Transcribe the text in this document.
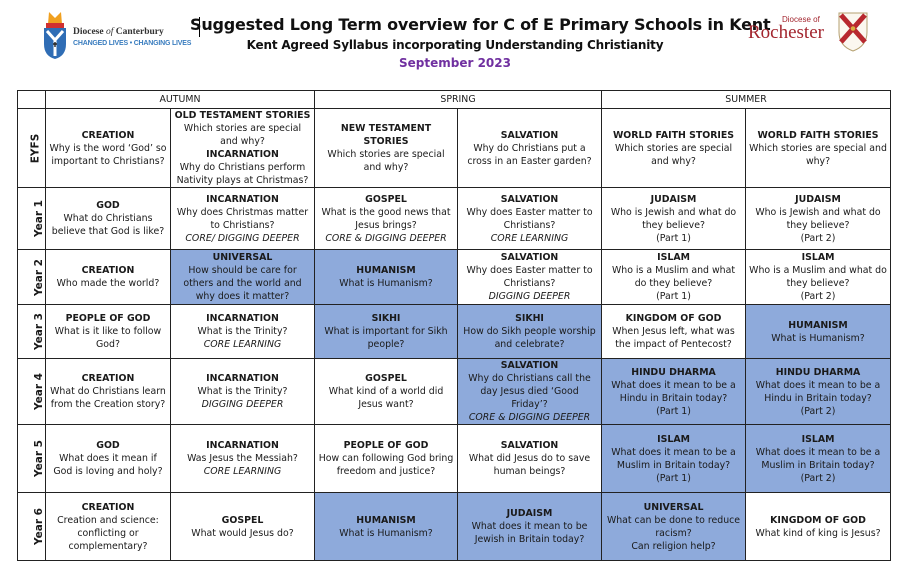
Diocese of Canterbury
CHANGED LIVES • CHANGING LIVES
Suggested Long Term overview for C of E Primary Schools in Kent
Kent Agreed Syllabus incorporating Understanding Christianity
September 2023
Diocese of
Rochester
	AUTUMN		SPRING		SUMMER	
EYFS	CREATION
Why is the word ‘God’ so important to Christians?	OLD TESTAMENT STORIES
Which stories are special and why?
INCARNATION
Why do Christians perform Nativity plays at Christmas?	NEW TESTAMENT STORIES
Which stories are special and why?	SALVATION
Why do Christians put a cross in an Easter garden?	WORLD FAITH STORIES
Which stories are special and why?	WORLD FAITH STORIES
Which stories are special and why?

Year 1	GOD
What do Christians believe that God is like?	INCARNATION
Why does Christmas matter to Christians?
CORE/ DIGGING DEEPER	GOSPEL
What is the good news that Jesus brings?
CORE & DIGGING DEEPER	SALVATION
Why does Easter matter to Christians?
CORE LEARNING	JUDAISM
Who is Jewish and what do they believe?
(Part 1)	JUDAISM
Who is Jewish and what do they believe?
(Part 2)

Year 2	CREATION
Who made the world?	UNIVERSAL
How should be care for others and the world and why does it matter?	HUMANISM
What is Humanism?	SALVATION
Why does Easter matter to Christians?
DIGGING DEEPER	ISLAM
Who is a Muslim and what do they believe?
(Part 1)	ISLAM
Who is a Muslim and what do they believe?
(Part 2)

Year 3	PEOPLE OF GOD
What is it like to follow God?	INCARNATION
What is the Trinity?
CORE LEARNING	SIKHI
What is important for Sikh people?	SIKHI
How do Sikh people worship and celebrate?	KINGDOM OF GOD
When Jesus left, what was the impact of Pentecost?	HUMANISM
What is Humanism?

Year 4	CREATION
What do Christians learn from the Creation story?	INCARNATION
What is the Trinity?
DIGGING DEEPER	GOSPEL
What kind of a world did Jesus want?	SALVATION
Why do Christians call the day Jesus died ‘Good Friday’?
CORE & DIGGING DEEPER	HINDU DHARMA
What does it mean to be a Hindu in Britain today?
(Part 1)	HINDU DHARMA
What does it mean to be a Hindu in Britain today?
(Part 2)

Year 5	GOD
What does it mean if God is loving and holy?	INCARNATION
Was Jesus the Messiah?
CORE LEARNING	PEOPLE OF GOD
How can following God bring freedom and justice?	SALVATION
What did Jesus do to save human beings?	ISLAM
What does it mean to be a Muslim in Britain today?
(Part 1)	ISLAM
What does it mean to be a Muslim in Britain today?
(Part 2)

Year 6	CREATION
Creation and science: conflicting or complementary?	GOSPEL
What would Jesus do?	HUMANISM
What is Humanism?	JUDAISM
What does it mean to be Jewish in Britain today?	UNIVERSAL
What can be done to reduce racism?
Can religion help?	KINGDOM OF GOD
What kind of king is Jesus?
